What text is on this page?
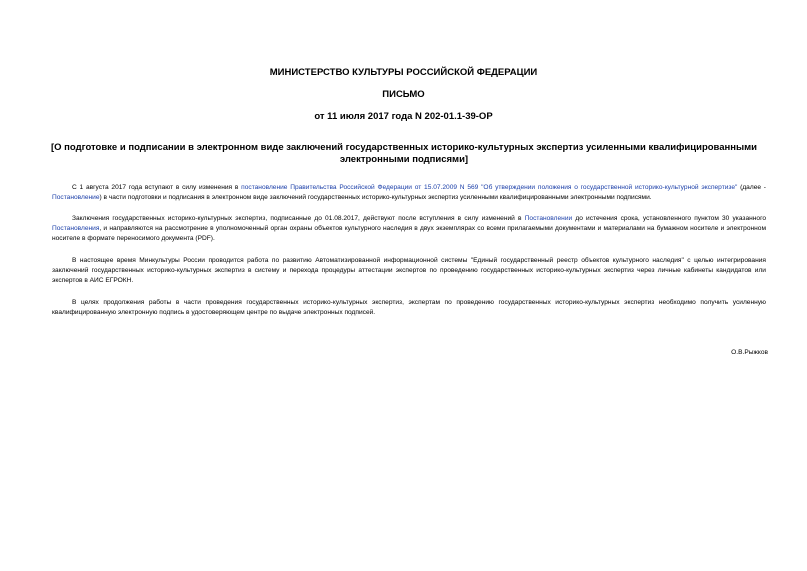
МИНИСТЕРСТВО КУЛЬТУРЫ РОССИЙСКОЙ ФЕДЕРАЦИИ
ПИСЬМО
от 11 июля 2017 года N 202-01.1-39-ОР
[О подготовке и подписании в электронном виде заключений государственных историко-культурных экспертиз усиленными квалифицированными электронными подписями]

С 1 августа 2017 года вступают в силу изменения в постановление Правительства Российской Федерации от 15.07.2009 N 569 "Об утверждении положения о государственной историко-культурной экспертизе" (далее - Постановление) в части подготовки и подписания в электронном виде заключений государственных историко-культурных экспертиз усиленными квалифицированными электронными подписями.

Заключения государственных историко-культурных экспертиз, подписанные до 01.08.2017, действуют после вступления в силу изменений в Постановлении до истечения срока, установленного пунктом 30 указанного Постановления, и направляются на рассмотрение в уполномоченный орган охраны объектов культурного наследия в двух экземплярах со всеми прилагаемыми документами и материалами на бумажном носителе и электронном носителе в формате переносимого документа (PDF).

В настоящее время Минкультуры России проводится работа по развитию Автоматизированной информационной системы "Единый государственный реестр объектов культурного наследия" с целью интегрирования заключений государственных историко-культурных экспертиз в систему и перехода процедуры аттестации экспертов по проведению государственных историко-культурных экспертиз через личные кабинеты кандидатов или экспертов в АИС ЕГРОКН.

В целях продолжения работы в части проведения государственных историко-культурных экспертиз, экспертам по проведению государственных историко-культурных экспертиз необходимо получить усиленную квалифицированную электронную подпись в удостоверяющем центре по выдаче электронных подписей.

О.В.Рыжков
